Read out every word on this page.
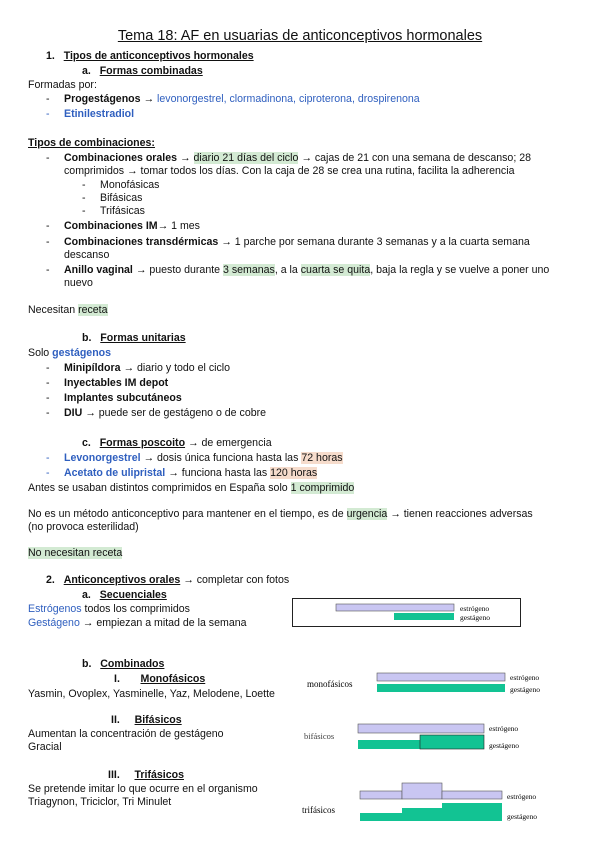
Tema 18: AF en usuarias de anticonceptivos hormonales
1. Tipos de anticonceptivos hormonales
a. Formas combinadas
Formadas por:
- Progestágenos → levonorgestrel, clormadinona, ciproterona, drospirenona
- Etinilestradiol
Tipos de combinaciones:
- Combinaciones orales → diario 21 días del ciclo → cajas de 21 con una semana de descanso; 28
comprimidos → tomar todos los días. Con la caja de 28 se crea una rutina, facilita la adherencia
- Monofásicas
- Bifásicas
- Trifásicas
- Combinaciones IM→ 1 mes
- Combinaciones transdérmicas → 1 parche por semana durante 3 semanas y a la cuarta semana
descanso
- Anillo vaginal → puesto durante 3 semanas, a la cuarta se quita, baja la regla y se vuelve a poner uno
nuevo
Necesitan receta
b. Formas unitarias
Solo gestágenos
- Minipíldora → diario y todo el ciclo
- Inyectables IM depot
- Implantes subcutáneos
- DIU → puede ser de gestágeno o de cobre
c. Formas poscoito → de emergencia
- Levonorgestrel → dosis única funciona hasta las 72 horas
- Acetato de ulipristal → funciona hasta las 120 horas
Antes se usaban distintos comprimidos en España solo 1 comprimido
No es un método anticonceptivo para mantener en el tiempo, es de urgencia → tienen reacciones adversas
(no provoca esterilidad)
No necesitan receta
2. Anticonceptivos orales → completar con fotos
a. Secuenciales
Estrógenos todos los comprimidos
Gestágeno → empiezan a mitad de la semana
estrógeno
gestágeno
b. Combinados
I. Monofásicos
Yasmin, Ovoplex, Yasminelle, Yaz, Melodene, Loette
II. Bifásicos
Aumentan la concentración de gestágeno
Gracial
III. Trifásicos
Se pretende imitar lo que ocurre en el organismo
Triagynon, Triciclor, Tri Minulet
monofásicos
estrógeno
gestágeno
bifásicos
estrógeno
gestágeno
trifásicos
estrógeno
gestágeno
